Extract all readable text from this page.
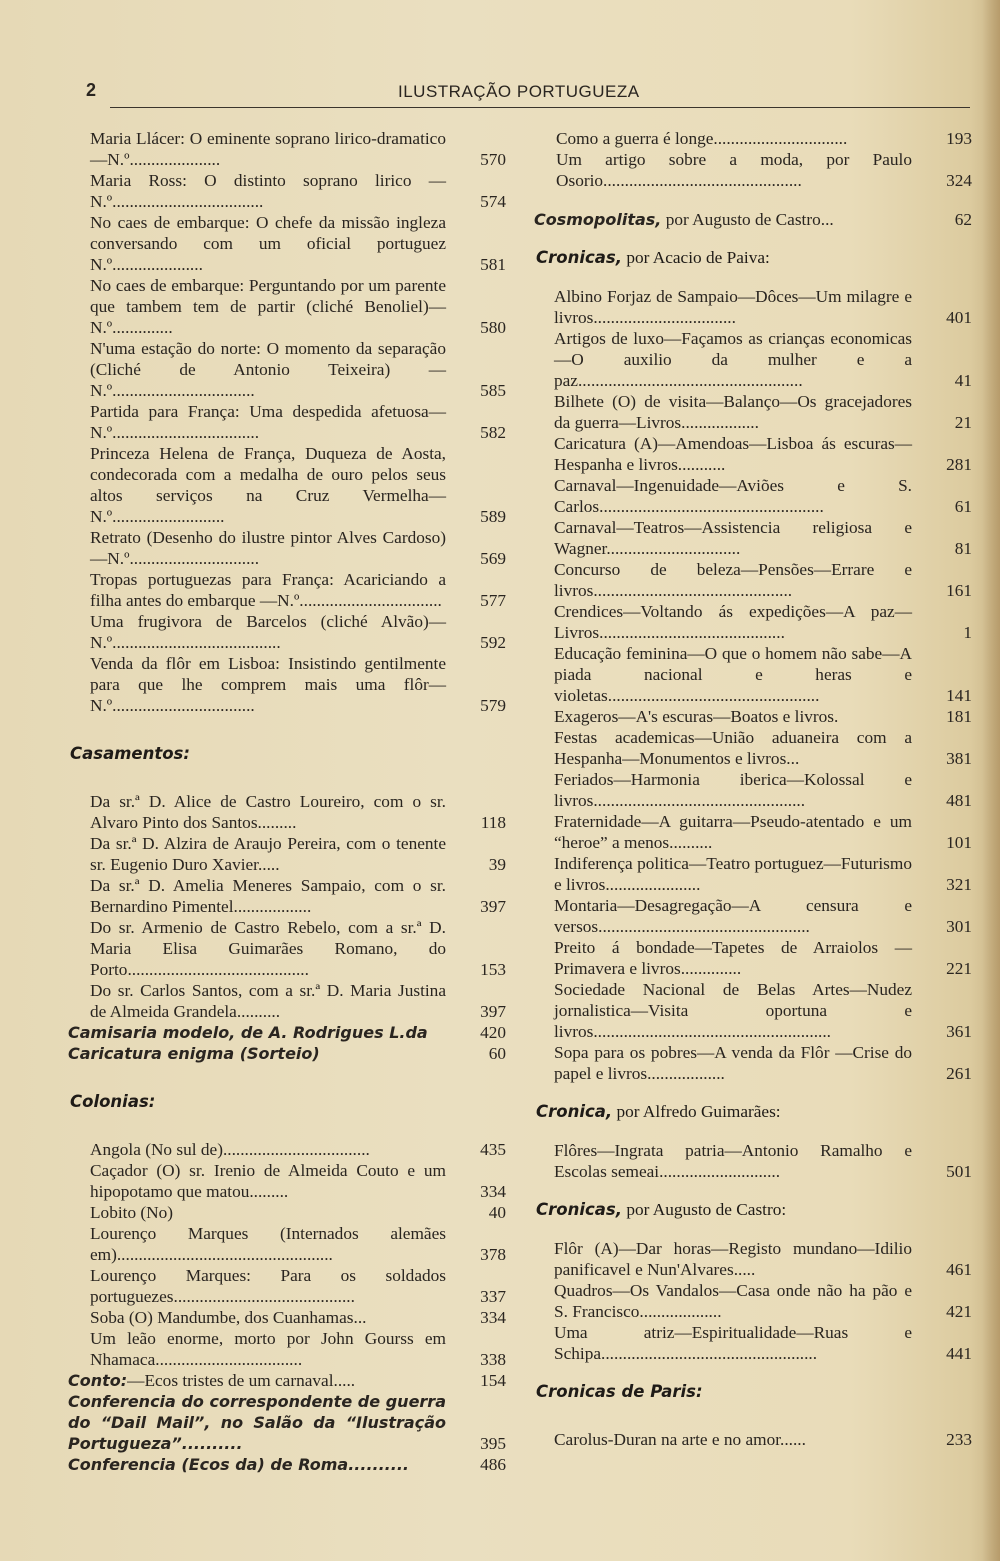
2	ILUSTRAÇÃO PORTUGUEZA
Maria Llácer: O eminente soprano lirico-dramatico—N.º.....................	570
Maria Ross: O distinto soprano lirico —N.º...................................	574
No caes de embarque: O chefe da missão ingleza conversando com um oficial portuguez N.º.....................	581
No caes de embarque: Perguntando por um parente que tambem tem de partir (cliché Benoliel)—N.º..............	580
N'uma estação do norte: O momento da separação (Cliché de Antonio Teixeira) —N.º.................................	585
Partida para França: Uma despedida afetuosa—N.º..................................	582
Princeza Helena de França, Duqueza de Aosta, condecorada com a medalha de ouro pelos seus altos serviços na Cruz Vermelha—N.º..........................	589
Retrato (Desenho do ilustre pintor Alves Cardoso)—N.º..............................	569
Tropas portuguezas para França: Acariciando a filha antes do embarque —N.º.................................	577
Uma frugivora de Barcelos (cliché Alvão)—N.º.......................................	592
Venda da flôr em Lisboa: Insistindo gentilmente para que lhe comprem mais uma flôr—N.º.................................	579
Casamentos:
Da sr.ª D. Alice de Castro Loureiro, com o sr. Alvaro Pinto dos Santos.........	118
Da sr.ª D. Alzira de Araujo Pereira, com o tenente sr. Eugenio Duro Xavier.....	39
Da sr.ª D. Amelia Meneres Sampaio, com o sr. Bernardino Pimentel..................	397
Do sr. Armenio de Castro Rebelo, com a sr.ª D. Maria Elisa Guimarães Romano, do Porto..........................................	153
Do sr. Carlos Santos, com a sr.ª D. Maria Justina de Almeida Grandela..........	397
Camisaria modelo, de A. Rodrigues L.da	420
Caricatura enigma (Sorteio)	60
Colonias:
Angola (No sul de)..................................	435
Caçador (O) sr. Irenio de Almeida Couto e um hipopotamo que matou.........	334
Lobito (No)	40
Lourenço Marques (Internados alemães em)..................................................	378
Lourenço Marques: Para os soldados portuguezes..........................................	337
Soba (O) Mandumbe, dos Cuanhamas...	334
Um leão enorme, morto por John Gourss em Nhamaca..................................	338
Conto:—Ecos tristes de um carnaval.....	154
Conferencia do correspondente de guerra do “Dail Mail”, no Salão da “Ilustração Portugueza”..........	395
Conferencia (Ecos da) de Roma..........	486
Como a guerra é longe...............................	193
Um artigo sobre a moda, por Paulo Osorio..............................................	324
Cosmopolitas, por Augusto de Castro...	62
Cronicas, por Acacio de Paiva:
Albino Forjaz de Sampaio—Dôces—Um milagre e livros.................................	401
Artigos de luxo—Façamos as crianças economicas—O auxilio da mulher e a paz....................................................	41
Bilhete (O) de visita—Balanço—Os gracejadores da guerra—Livros..................	21
Caricatura (A)—Amendoas—Lisboa ás escuras—Hespanha e livros...........	281
Carnaval—Ingenuidade—Aviões e S. Carlos....................................................	61
Carnaval—Teatros—Assistencia religiosa e Wagner...............................	81
Concurso de beleza—Pensões—Errare e livros..............................................	161
Crendices—Voltando ás expedições—A paz—Livros...........................................	1
Educação feminina—O que o homem não sabe—A piada nacional e heras e violetas.................................................	141
Exageros—A's escuras—Boatos e livros.	181
Festas academicas—União aduaneira com a Hespanha—Monumentos e livros...	381
Feriados—Harmonia iberica—Kolossal e livros.................................................	481
Fraternidade—A guitarra—Pseudo-atentado e um “heroe” a menos..........	101
Indiferença politica—Teatro portuguez—Futurismo e livros......................	321
Montaria—Desagregação—A censura e versos.................................................	301
Preito á bondade—Tapetes de Arraiolos —Primavera e livros..............	221
Sociedade Nacional de Belas Artes—Nudez jornalistica—Visita oportuna e livros.......................................................	361
Sopa para os pobres—A venda da Flôr —Crise do papel e livros..................	261
Cronica, por Alfredo Guimarães:
Flôres—Ingrata patria—Antonio Ramalho e Escolas semeai............................	501
Cronicas, por Augusto de Castro:
Flôr (A)—Dar horas—Registo mundano—Idilio panificavel e Nun'Alvares.....	461
Quadros—Os Vandalos—Casa onde não ha pão e S. Francisco...................	421
Uma atriz—Espiritualidade—Ruas e Schipa..................................................	441
Cronicas de Paris:
Carolus-Duran na arte e no amor......	233
